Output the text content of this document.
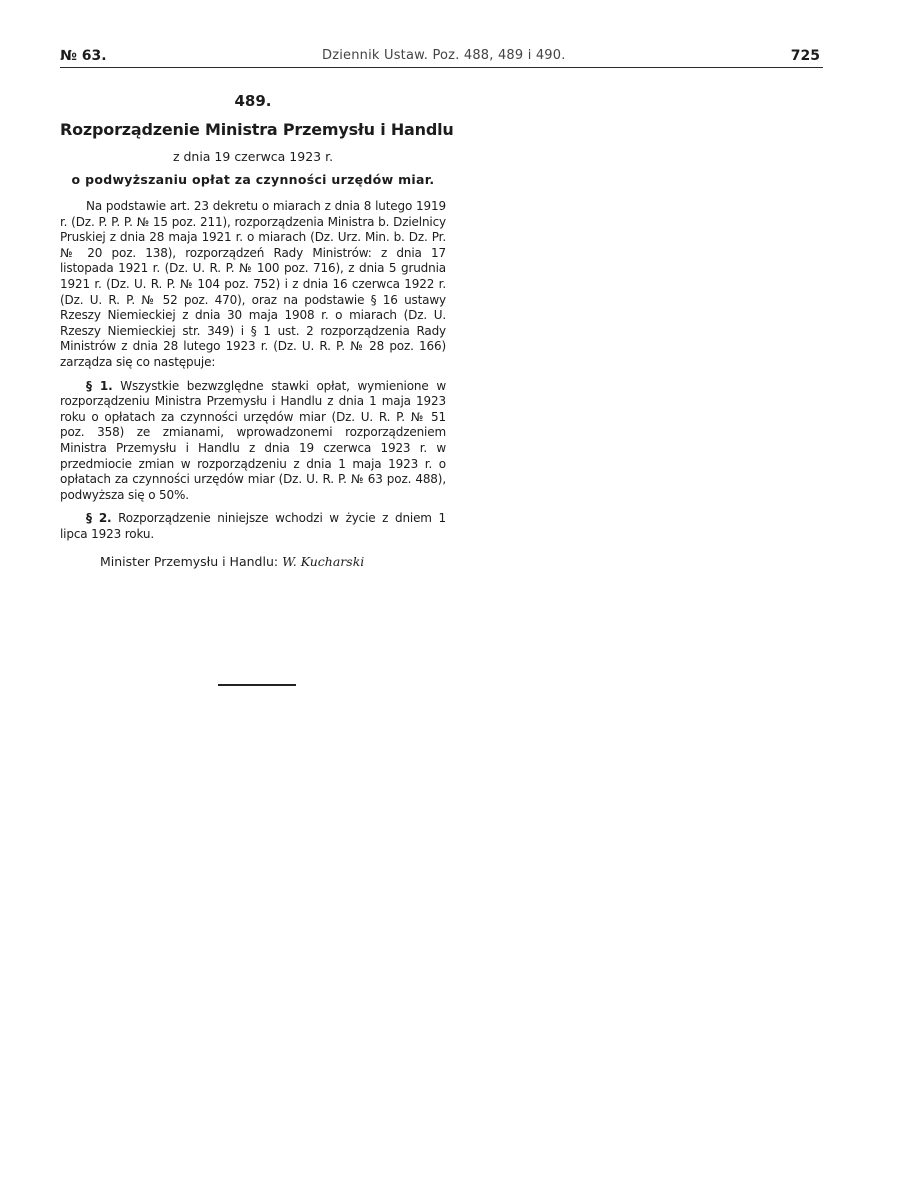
№ 63.	Dziennik Ustaw. Poz. 488, 489 i 490.	725
489.
Rozporządzenie Ministra Przemysłu i Handlu
z dnia 19 czerwca 1923 r.
o podwyższaniu opłat za czynności urzędów miar.

Na podstawie art. 23 dekretu o miarach z dnia 8 lutego 1919 r. (Dz. P. P. P. № 15 poz. 211), rozporządzenia Ministra b. Dzielnicy Pruskiej z dnia 28 maja 1921 r. o miarach (Dz. Urz. Min. b. Dz. Pr. № 20 poz. 138), rozporządzeń Rady Ministrów: z dnia 17 listopada 1921 r. (Dz. U. R. P. № 100 poz. 716), z dnia 5 grudnia 1921 r. (Dz. U. R. P. № 104 poz. 752) i z dnia 16 czerwca 1922 r. (Dz. U. R. P. № 52 poz. 470), oraz na podstawie § 16 ustawy Rzeszy Niemieckiej z dnia 30 maja 1908 r. o miarach (Dz. U. Rzeszy Niemieckiej str. 349) i § 1 ust. 2 rozporządzenia Rady Ministrów z dnia 28 lutego 1923 r. (Dz. U. R. P. № 28 poz. 166) zarządza się co następuje:

§ 1. Wszystkie bezwzględne stawki opłat, wymienione w rozporządzeniu Ministra Przemysłu i Handlu z dnia 1 maja 1923 roku o opłatach za czynności urzędów miar (Dz. U. R. P. № 51 poz. 358) ze zmianami, wprowadzonemi rozporządzeniem Ministra Przemysłu i Handlu z dnia 19 czerwca 1923 r. w przedmiocie zmian w rozporządzeniu z dnia 1 maja 1923 r. o opłatach za czynności urzędów miar (Dz. U. R. P. № 63 poz. 488), podwyższa się o 50%.

§ 2. Rozporządzenie niniejsze wchodzi w życie z dniem 1 lipca 1923 roku.

Minister Przemysłu i Handlu: W. Kucharski
